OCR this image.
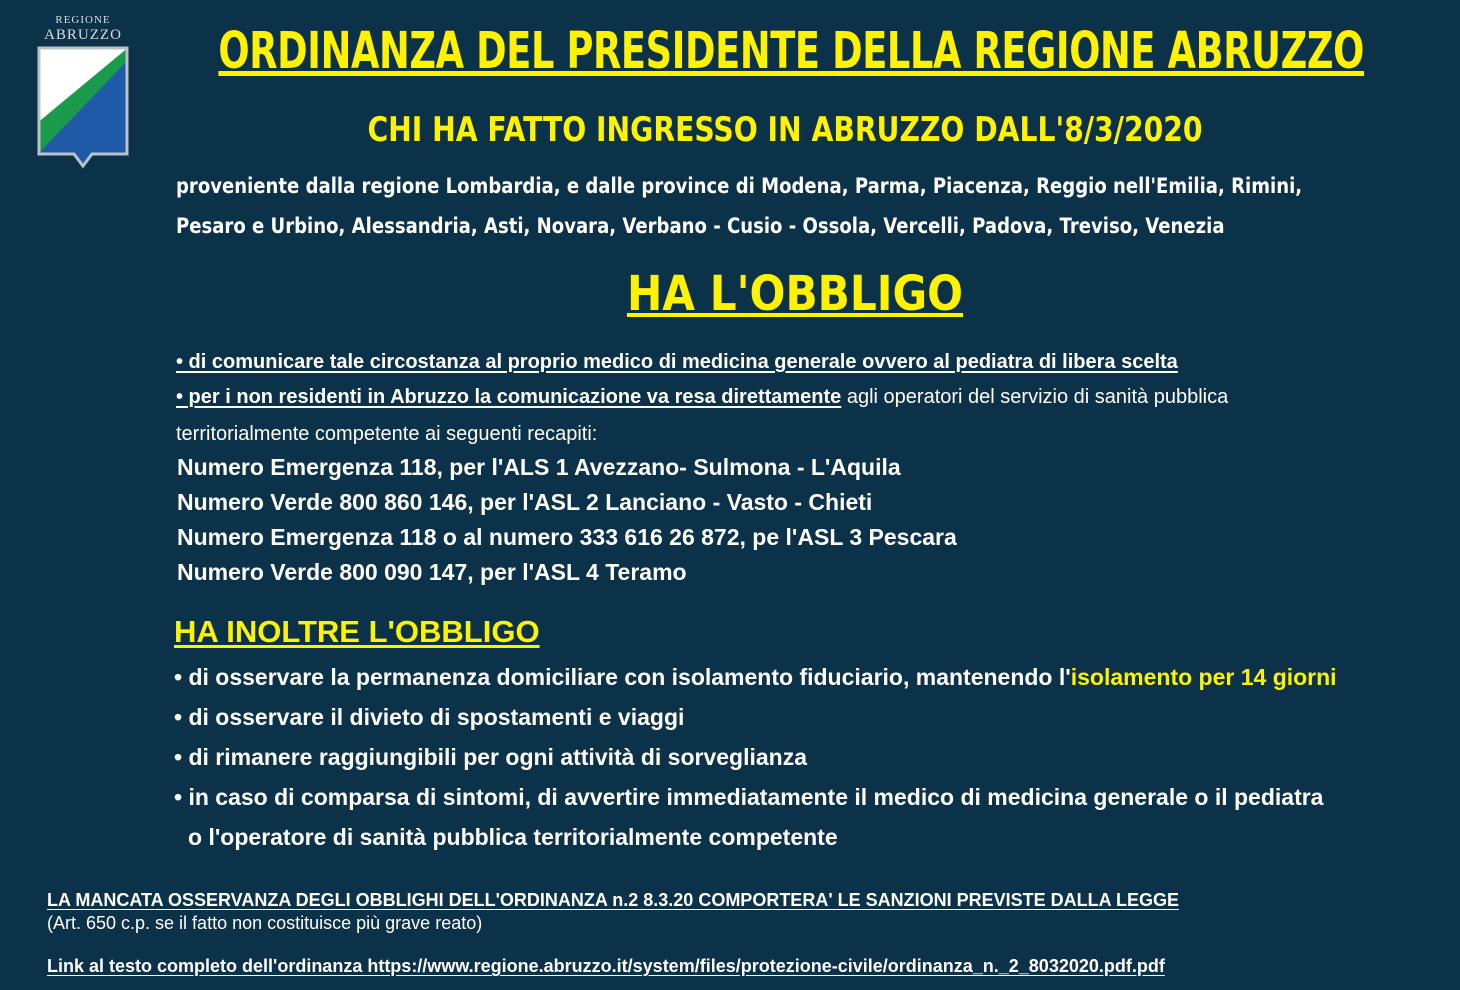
REGIONE
ABRUZZO ORDINANZA DEL PRESIDENTE DELLA REGIONE ABRUZZO
CHI HA FATTO INGRESSO IN ABRUZZO DALL'8/3/2020
proveniente dalla regione Lombardia, e dalle province di Modena, Parma, Piacenza, Reggio nell'Emilia, Rimini,
Pesaro e Urbino, Alessandria, Asti, Novara, Verbano - Cusio - Ossola, Vercelli, Padova, Treviso, Venezia
HA L'OBBLIGO
• di comunicare tale circostanza al proprio medico di medicina generale ovvero al pediatra di libera scelta
• per i non residenti in Abruzzo la comunicazione va resa direttamente agli operatori del servizio di sanità pubblica
territorialmente competente ai seguenti recapiti:
Numero Emergenza 118, per l'ALS 1 Avezzano- Sulmona - L'Aquila
Numero Verde 800 860 146, per l'ASL 2 Lanciano - Vasto - Chieti
Numero Emergenza 118 o al numero 333 616 26 872, pe l'ASL 3 Pescara
Numero Verde 800 090 147, per l'ASL 4 Teramo
HA INOLTRE L'OBBLIGO
• di osservare la permanenza domiciliare con isolamento fiduciario, mantenendo l'isolamento per 14 giorni
• di osservare il divieto di spostamenti e viaggi
• di rimanere raggiungibili per ogni attività di sorveglianza
• in caso di comparsa di sintomi, di avvertire immediatamente il medico di medicina generale o il pediatra
o l'operatore di sanità pubblica territorialmente competente
LA MANCATA OSSERVANZA DEGLI OBBLIGHI DELL'ORDINANZA n.2 8.3.20 COMPORTERA' LE SANZIONI PREVISTE DALLA LEGGE
(Art. 650 c.p. se il fatto non costituisce più grave reato)
Link al testo completo dell'ordinanza https://www.regione.abruzzo.it/system/files/protezione-civile/ordinanza_n._2_8032020.pdf.pdf
